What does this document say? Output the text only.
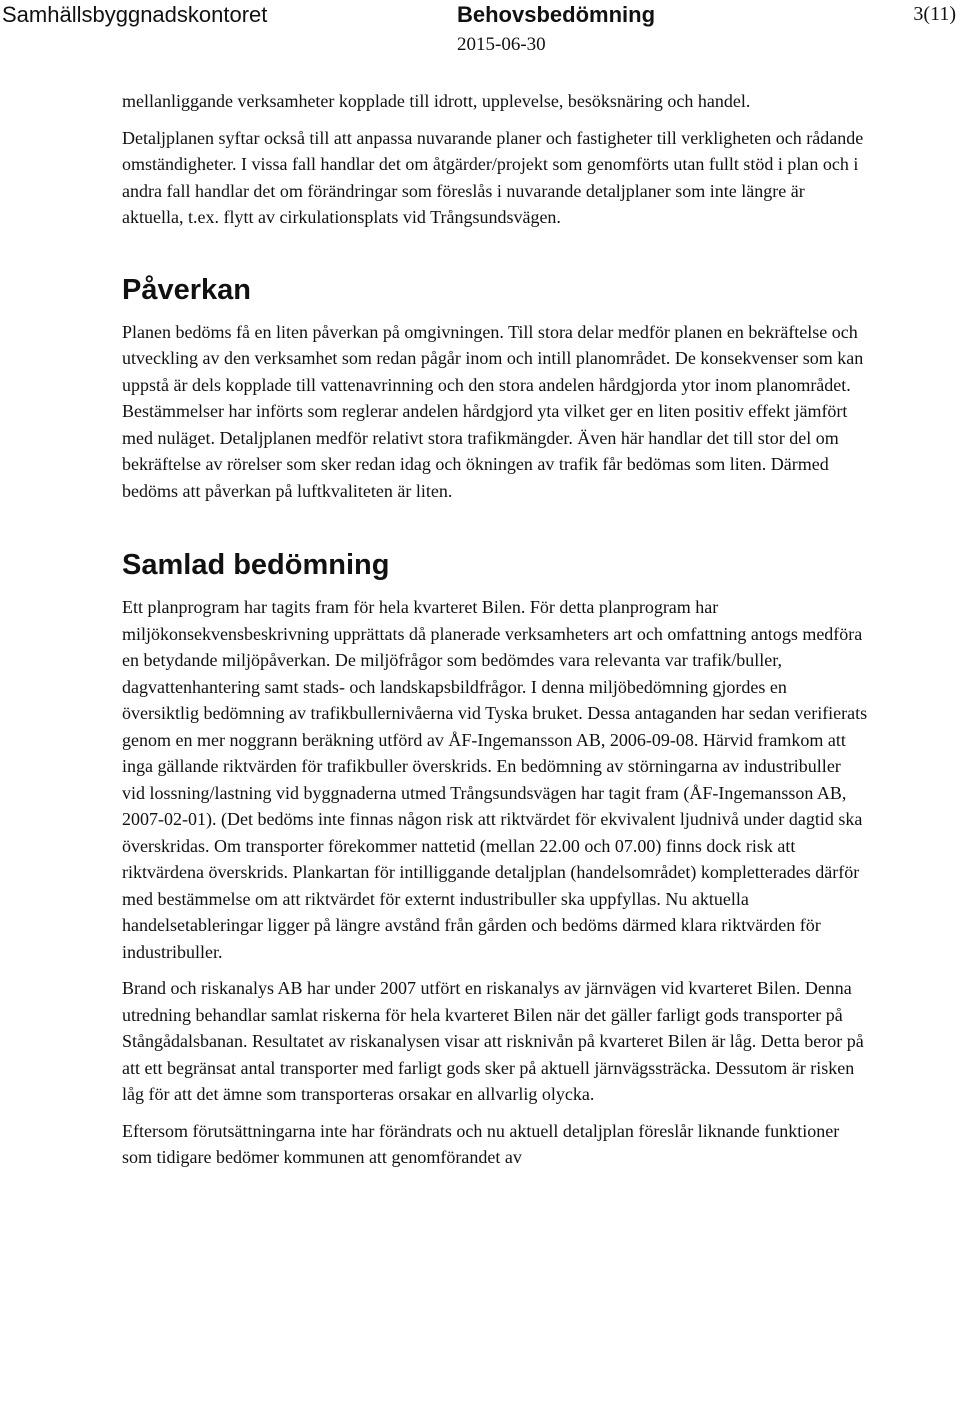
Samhällsbyggnadskontoret	Behovsbedömning
2015-06-30
3(11)

mellanliggande verksamheter kopplade till idrott, upplevelse, besöksnäring och handel.

Detaljplanen syftar också till att anpassa nuvarande planer och fastigheter till verkligheten och rådande omständigheter. I vissa fall handlar det om åtgärder/projekt som genomförts utan fullt stöd i plan och i andra fall handlar det om förändringar som föreslås i nuvarande detaljplaner som inte längre är aktuella, t.ex. flytt av cirkulationsplats vid Trångsundsvägen.

Påverkan

Planen bedöms få en liten påverkan på omgivningen. Till stora delar medför planen en bekräftelse och utveckling av den verksamhet som redan pågår inom och intill planområdet. De konsekvenser som kan uppstå är dels kopplade till vattenavrinning och den stora andelen hårdgjorda ytor inom planområdet. Bestämmelser har införts som reglerar andelen hårdgjord yta vilket ger en liten positiv effekt jämfört med nuläget. Detaljplanen medför relativt stora trafikmängder. Även här handlar det till stor del om bekräftelse av rörelser som sker redan idag och ökningen av trafik får bedömas som liten. Därmed bedöms att påverkan på luftkvaliteten är liten.

Samlad bedömning

Ett planprogram har tagits fram för hela kvarteret Bilen. För detta planprogram har miljökonsekvensbeskrivning upprättats då planerade verksamheters art och omfattning antogs medföra en betydande miljöpåverkan. De miljöfrågor som bedömdes vara relevanta var trafik/buller, dagvattenhantering samt stads- och landskapsbildfrågor. I denna miljöbedömning gjordes en översiktlig bedömning av trafikbullernivåerna vid Tyska bruket. Dessa antaganden har sedan verifierats genom en mer noggrann beräkning utförd av ÅF-Ingemansson AB, 2006-09-08. Härvid framkom att inga gällande riktvärden för trafikbuller överskrids. En bedömning av störningarna av industribuller vid lossning/lastning vid byggnaderna utmed Trångsundsvägen har tagit fram (ÅF-Ingemansson AB, 2007-02-01). (Det bedöms inte finnas någon risk att riktvärdet för ekvivalent ljudnivå under dagtid ska överskridas. Om transporter förekommer nattetid (mellan 22.00 och 07.00) finns dock risk att riktvärdena överskrids. Plankartan för intilliggande detaljplan (handelsområdet) kompletterades därför med bestämmelse om att riktvärdet för externt industribuller ska uppfyllas. Nu aktuella handelsetableringar ligger på längre avstånd från gården och bedöms därmed klara riktvärden för industribuller.

Brand och riskanalys AB har under 2007 utfört en riskanalys av järnvägen vid kvarteret Bilen. Denna utredning behandlar samlat riskerna för hela kvarteret Bilen när det gäller farligt gods transporter på Stångådalsbanan. Resultatet av riskanalysen visar att risknivån på kvarteret Bilen är låg. Detta beror på att ett begränsat antal transporter med farligt gods sker på aktuell järnvägssträcka. Dessutom är risken låg för att det ämne som transporteras orsakar en allvarlig olycka.

Eftersom förutsättningarna inte har förändrats och nu aktuell detaljplan föreslår liknande funktioner som tidigare bedömer kommunen att genomförandet av
